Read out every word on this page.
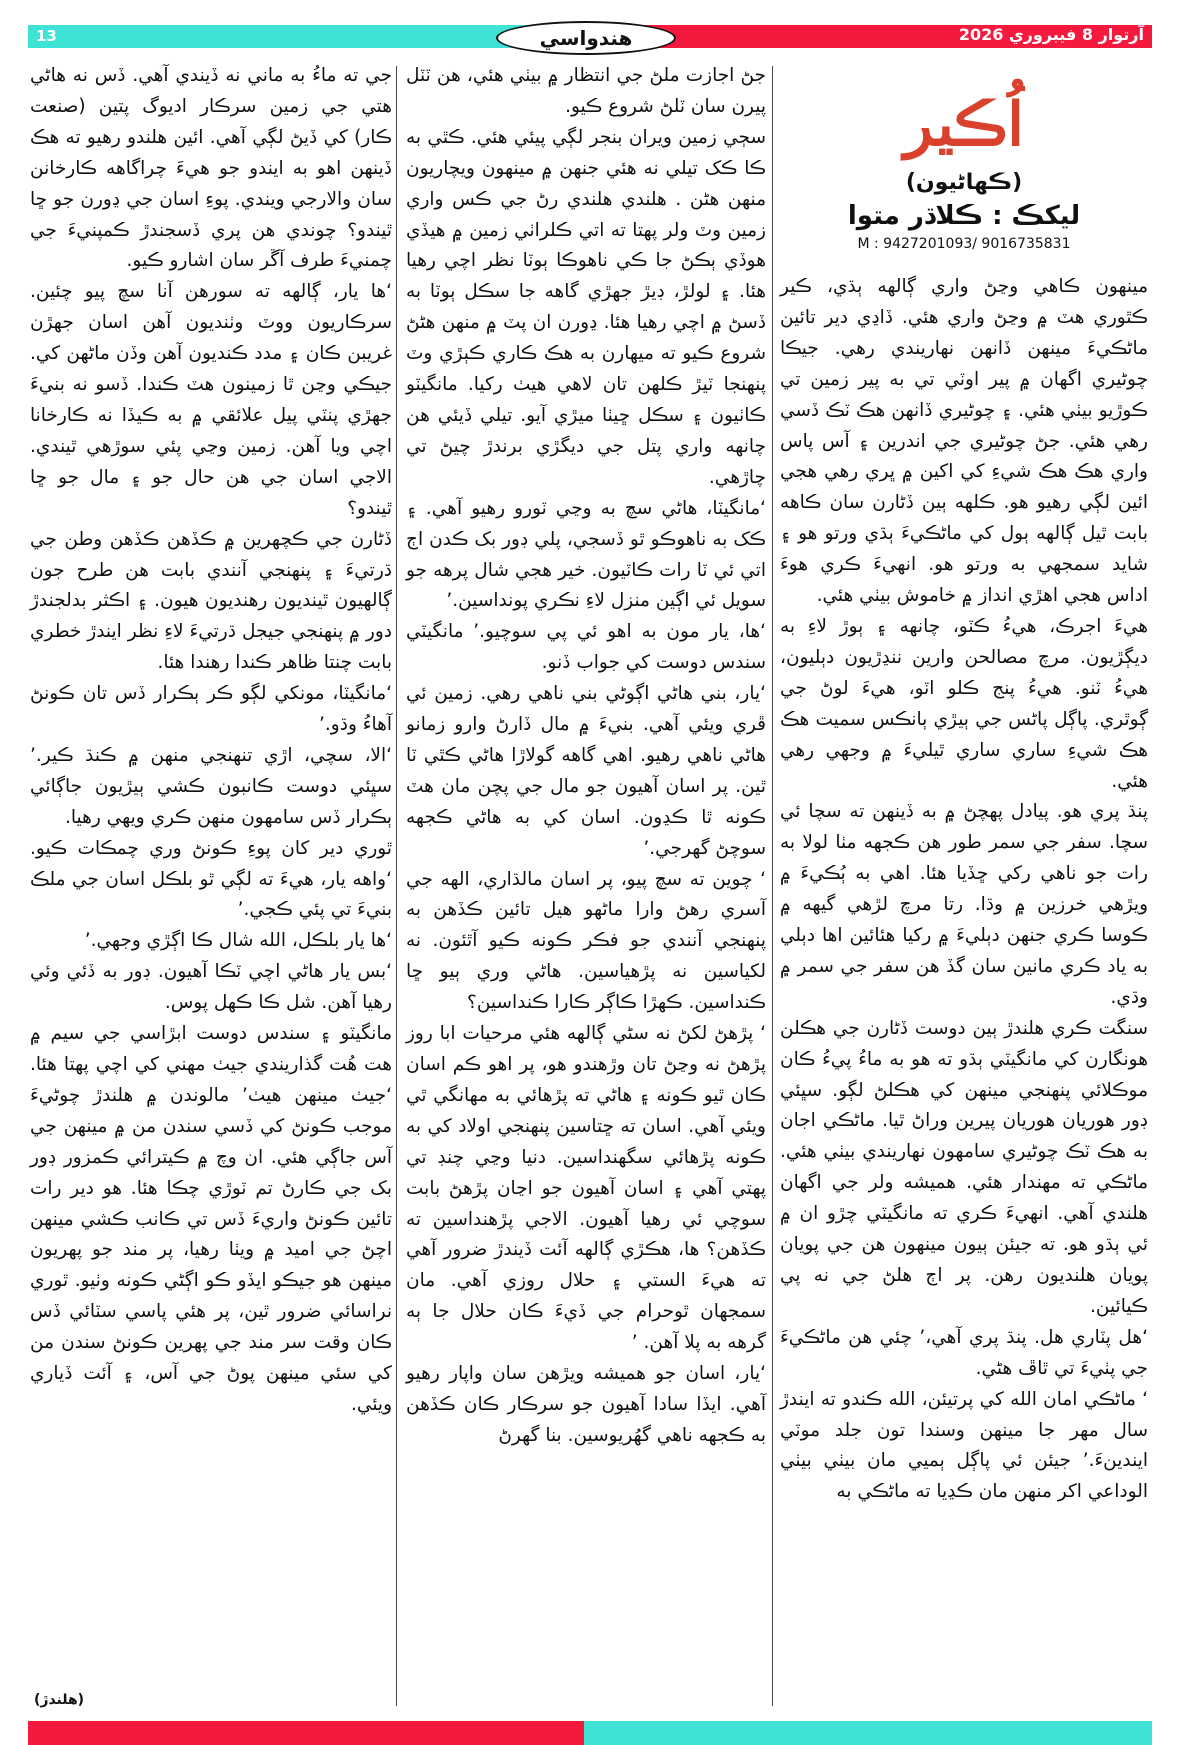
13	هندواسي	آرتوار 8 فيبروري 2026
اُڪير
(ڪهاڻيون)
ليکڪ : ڪلاڌر متوا
M : 9427201093/ 9016735831

مينهون ڪاهي وڃڻ واري ڳالهه ٻڌي، ڪير ڪٿوري هٽ ۾ وڃڻ واري هئي. ڏاڍي دير تائين ماڻڪيءَ مينهن ڏانهن نهاريندي رهي. جيڪا چوڻيري اگهان ۾ پير اوٽي تي به پير زمين تي ڪوڙيو بيٺي هئي. ۽ چوڻيري ڏانهن هڪ ٽڪ ڏسي رهي هئي. جڻ چوڻيري جي اندرين ۽ آس پاس واري هڪ هڪ شيءِ کي اکين ۾ ڀري رهي هجي ائين لڳي رهيو هو. ڪلهه ٻين ڏڻارن سان ڪاهه بابت ٿيل ڳالهه ٻول کي ماڻڪيءَ ٻڌي ورتو هو ۽ شايد سمجهي به ورتو هو. انهيءَ ڪري هوءَ اداس هجي اهڙي انداز ۾ خاموش بيٺي هئي.

هيءَ اجرڪ، هيءُ ڪٽو، چانهه ۽ ٻوڙ لاءِ به ديڳڙيون. مرچ مصالحن وارين ننڍڙيون دٻليون، هيءُ ٽنو. هيءُ پنج ڪلو اٽو، هيءَ لوڻ جي ڳوٿري. پاڳل پاڻس جي ٻيڙي ٻانڪس سميت هڪ هڪ شيءِ ساري ساري ٿيليءَ ۾ وجهي رهي هئي.

پنڌ پري هو. پيادل پهچڻ ۾ به ڏينهن ته سچا ئي سچا. سفر جي سمر طور هن ڪجهه مٺا لولا به رات جو ناهي رکي ڇڏيا هئا. اهي به ٻُڪيءَ ۾ ويڙهي خرزين ۾ وڌا. رتا مرچ لڙهي گيهه ۾ ڪوسا ڪري جنهن دٻليءَ ۾ رکيا هئائين اها دٻلي به ياد ڪري مانين سان گڏ هن سفر جي سمر ۾ وڌي.

سنگت ڪري هلندڙ ٻين دوست ڏڻارن جي هڪلن هونگارن کي مانگيٽي ٻڌو ته هو به ماءُ پيءُ ڪان موڪلائي پنهنجي مينهن کي هڪلڻ لڳو. سڀئي ڊور هوريان هوريان پيرين وراڻ ٿيا. ماڻڪي اجان به هڪ ٽڪ چوڻيري سامهون نهاريندي بيٺي هئي. ماڻڪي ته مهندار هئي. هميشه ولر جي اگهان هلندي آهي. انهيءَ ڪري ته مانگيٽي چڙو ان ۾ ئي ٻڌو هو. ته جيئن ٻيون مينهون هن جي پويان پويان هلنديون رهن. پر اڄ هلڻ جي نه پي ڪيائين.

‘هل پٽاري هل. پنڌ پري آهي،’ چئي هن ماڻڪيءَ جي پٺيءَ تي ٿاڦ هڻي.

‘ ماڻڪي امان الله کي پرتيئن، الله ڪندو ته ايندڙ سال مهر جا مينهن وسندا تون جلد موٽي ايندينءَ.’ جيئن ئي پاڳل ٻميي مان بيٺي بيٺي الوداعي اکر منهن مان ڪڍيا ته ماڻڪي به

جڻ اجازت ملڻ جي انتظار ۾ بيٺي هئي، هن ٽٽل پيرن سان ٽلڻ شروع ڪيو.

سڄي زمين ويران بنجر لڳي پيئي هئي. ڪٿي به ڪا ڪک تيلي نه هئي جنهن ۾ مينهون ويچاريون منهن هڻن . هلندي هلندي رڻ جي ڪس واري زمين وٽ ولر پهتا ته اتي ڪلراٺي زمين ۾ هيڏي هوڏي ٻڪڻ جا ڪي ناهوڪا ٻوٽا نظر اچي رهيا هئا. ۽ لولڙ، ڊيڙ جهڙي گاهه جا سڪل ٻوٽا به ڏسڻ ۾ اچي رهيا هئا. ڍورن ان پٽ ۾ منهن هڻڻ شروع ڪيو ته ميهارن به هڪ ڪاري ڪٻڙي وٽ پنهنجا ٽيڙ ڪلهن تان لاهي هيٺ رکيا. مانگيٽو ڪاٺيون ۽ سڪل ڇيٺا ميڙي آيو. تيلي ڏيئي هن چانهه واري پتل جي ديگڙي برندڙ چيڻ تي چاڙهي.

‘مانگيٽا، هاڻي سچ به وڃي ٽورو رهيو آهي. ۽ ڪک به ناهوڪو ٿو ڏسجي، پلي ڊور بک ڪدن اڄ اتي ئي ٽا رات ڪاٽيون. خير هجي شال پرهه جو سويل ئي اڳين منزل لاءِ نڪري پونداسين.’

‘ها، يار مون به اهو ئي پي سوچيو.’ مانگيٽي سندس دوست کي جواب ڏنو.

‘يار، بني هاڻي اڳوڻي بني ناهي رهي. زمين ئي ڦري ويئي آهي. بنيءَ ۾ مال ڏارڻ وارو زمانو هاڻي ناهي رهيو. اهي گاهه گولاڙا هاڻي ڪٿي ٽا ٿين. پر اسان آهيون جو مال جي پچن مان هٽ ڪونه ٿا ڪڍون. اسان کي به هاڻي ڪجهه سوچڻ گهرجي.’

‘ چوين ته سچ پيو، پر اسان مالڌاري، الهه جي آسري رهڻ وارا ماڻهو هيل تائين ڪڏهن به پنهنجي آنندي جو فڪر ڪونه ڪيو آٿئون. نه لکياسين نه پڙهياسين. هاڻي وري ٻيو ڇا ڪنداسين. ڪهڙا ڪاڳر ڪارا ڪنداسين؟

‘ پڙهڻ لکڻ نه سڻي ڳالهه هئي مرحيات ابا روز پڙهڻ نه وڃڻ تان وڙهندو هو، پر اهو ڪم اسان ڪان ٿيو ڪونه ۽ هاڻي ته پڙهائي به مهانگي ٿي ويئي آهي. اسان ته ڇتاسين پنهنجي اولاد کي به ڪونه پڙهائي سگهنداسين. دنيا وڃي چنڊ تي پهتي آهي ۽ اسان آهيون جو اڃان پڙهڻ بابت سوچي ئي رهيا آهيون. الاجي پڙهنداسين ته ڪڏهن؟ ها، هڪڙي ڳالهه آئت ڏيندڙ ضرور آهي ته هيءَ الستي ۽ حلال روزي آهي. مان سمجهان ٿوحرام جي ڏيءَ ڪان حلال جا ٻه گرهه به پلا آهن. ’

‘يار، اسان جو هميشه ويڙهن سان واپار رهيو آهي. ايڏا سادا آهيون جو سرڪار ڪان ڪڏهن به ڪجهه ناهي گهُريوسين. بنا گهرڻ

جي ته ماءُ به ماني نه ڏيندي آهي. ڏس نه هاڻي هتي جي زمين سرڪار اديوگ پتين (صنعت ڪار) کي ڏيڻ لڳي آهي. ائين هلندو رهيو ته هڪ ڏينهن اهو به ايندو جو هيءَ چراگاهه ڪارخانن سان والارجي ويندي. پوءِ اسان جي ڍورن جو ڇا ٿيندو؟ چوندي هن پري ڏسجندڙ ڪمپنيءَ جي چمنيءَ طرف آڱر سان اشارو ڪيو.

‘ها يار، ڳالهه ته سورهن آنا سچ پيو چئين. سرڪاريون ووٽ وٺنديون آهن اسان جهڙن غريبن ڪان ۽ مدد ڪنديون آهن وڏن ماڻهن کي. جيڪي وڃن ٿا زمينون هٽ ڪندا. ڏسو نه بنيءَ جهڙي پنٽي پيل علائقي ۾ به ڪيڏا نه ڪارخانا اچي ويا آهن. زمين وڃي پئي سوڙهي ٿيندي. الاجي اسان جي هن حال جو ۽ مال جو ڇا ٿيندو؟

ڏڻارن جي ڪچهرين ۾ ڪڏهن ڪڏهن وطن جي ڌرتيءَ ۽ پنهنجي آنندي بابت هن طرح جون ڳالهيون ٿينديون رهنديون هيون. ۽ اڪثر بدلجندڙ دور ۾ پنهنجي جيجل ڌرتيءَ لاءِ نظر ايندڙ خطري بابت چنتا ظاهر ڪندا رهندا هئا.

‘مانگيٽا، مونکي لڳو ڪر ٻڪرار ڏس تان ڪونڻ آهاءُ وڌو.’

‘الا، سچي، اڙي تنهنجي منهن ۾ ڪنڌ ڪير.’ سڀئي دوست ڪانبون ڪشي ٻيڙيون جاڳائي ٻڪرار ڏس سامهون منهن ڪري ويهي رهيا.

ٿوري دير کان پوءِ ڪونڻ وري چمڪات ڪيو. ‘واهه يار، هيءَ ته لڳي ٿو بلڪل اسان جي ملڪ بنيءَ تي پئي ڪجي.’

‘ها يار بلڪل، الله شال ڪا اڳڙي وجهي.’

‘بس يار هاڻي اچي ٽڪا آهيون. ڊور به ڏئي وئي رهيا آهن. شل ڪا ڪهل پوس.

مانگيٽو ۽ سندس دوست ابڙاسي جي سيم ۾ هت هُت گذاريندي جيٺ مهني کي اچي پهتا هئا. ‘جيٺ مينهن هيٺ’ مالوندن ۾ هلندڙ چوڻيءَ موجب ڪونڻ کي ڏسي سندن من ۾ مينهن جي آس جاڳي هئي. ان وچ ۾ ڪيترائي ڪمزور ڊور بک جي ڪارڻ تم ٽوڙي چڪا هئا. هو دير رات تائين ڪونڻ واريءَ ڏس تي ڪانب ڪشي مينهن اچڻ جي اميد ۾ ويٺا رهيا، پر مند جو پهريون مينهن هو جيڪو ايڏو ڪو اڳڻي ڪونه وٺيو. ٿوري نراسائي ضرور ٿين، پر هئي پاسي سٽائي ڏس ڪان وقت سر مند جي پهرين ڪونڻ سندن من کي سئي مينهن پوڻ جي آس، ۽ آئت ڏياري ويئي.

(هلندڙ)
